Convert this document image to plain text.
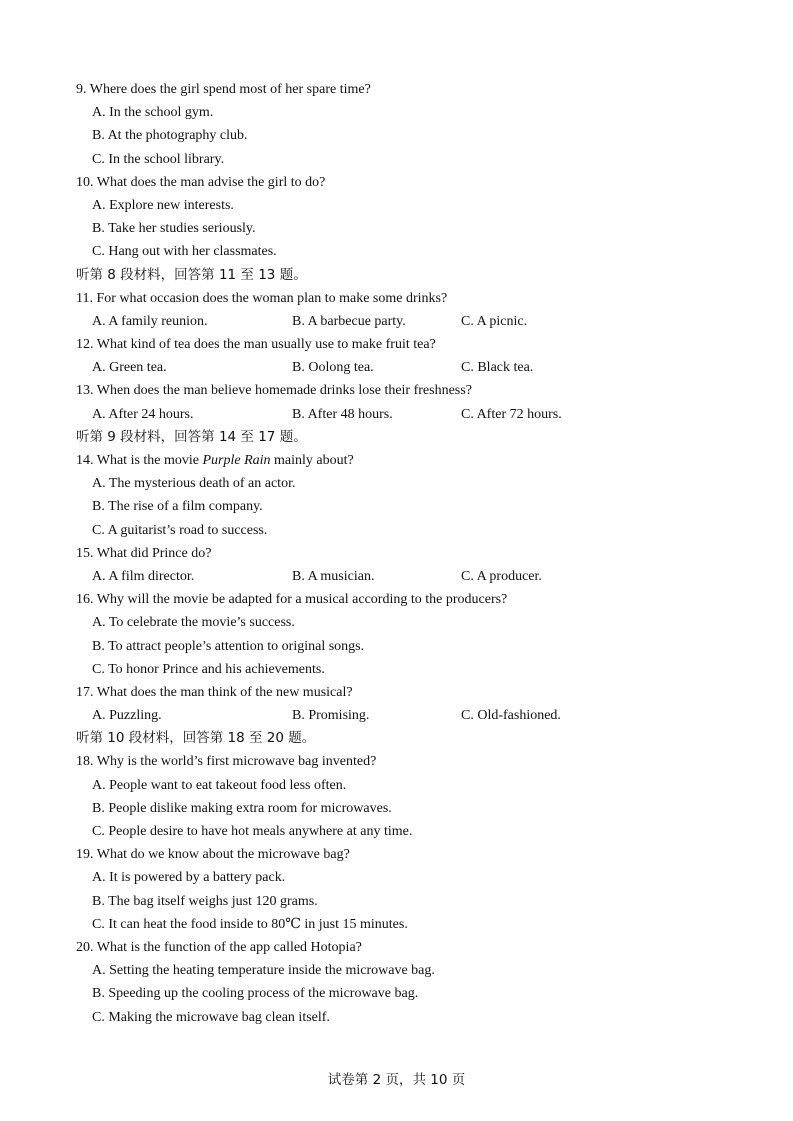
9. Where does the girl spend most of her spare time?
A. In the school gym.
B. At the photography club.
C. In the school library.
10. What does the man advise the girl to do?
A. Explore new interests.
B. Take her studies seriously.
C. Hang out with her classmates.
听第 8 段材料，回答第 11 至 13 题。
11. For what occasion does the woman plan to make some drinks?
A. A family reunion.	B. A barbecue party.	C. A picnic.
12. What kind of tea does the man usually use to make fruit tea?
A. Green tea.	B. Oolong tea.	C. Black tea.
13. When does the man believe homemade drinks lose their freshness?
A. After 24 hours.	B. After 48 hours.	C. After 72 hours.
听第 9 段材料，回答第 14 至 17 题。
14. What is the movie Purple Rain mainly about?
A. The mysterious death of an actor.
B. The rise of a film company.
C. A guitarist’s road to success.
15. What did Prince do?
A. A film director.	B. A musician.	C. A producer.
16. Why will the movie be adapted for a musical according to the producers?
A. To celebrate the movie’s success.
B. To attract people’s attention to original songs.
C. To honor Prince and his achievements.
17. What does the man think of the new musical?
A. Puzzling.	B. Promising.	C. Old-fashioned.
听第 10 段材料，回答第 18 至 20 题。
18. Why is the world’s first microwave bag invented?
A. People want to eat takeout food less often.
B. People dislike making extra room for microwaves.
C. People desire to have hot meals anywhere at any time.
19. What do we know about the microwave bag?
A. It is powered by a battery pack.
B. The bag itself weighs just 120 grams.
C. It can heat the food inside to 80℃ in just 15 minutes.
20. What is the function of the app called Hotopia?
A. Setting the heating temperature inside the microwave bag.
B. Speeding up the cooling process of the microwave bag.
C. Making the microwave bag clean itself.
试卷第 2 页，共 10 页
